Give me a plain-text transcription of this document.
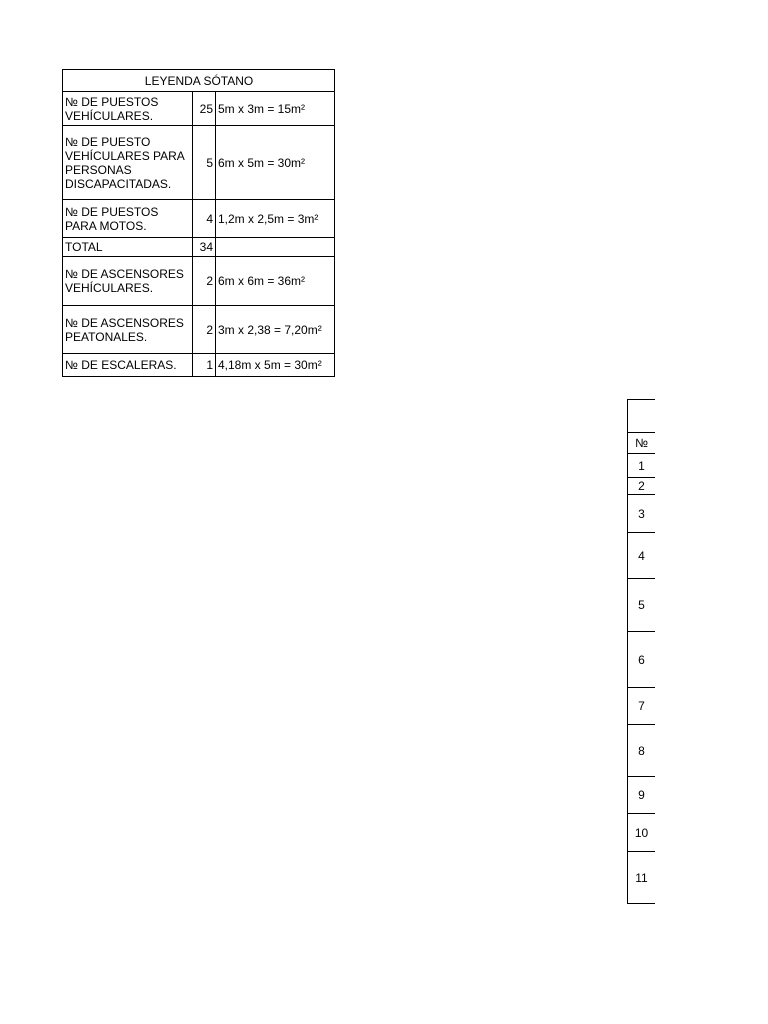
LEYENDA SÓTANO		
№ DE PUESTOS VEHÍCULARES.	25	5m x 3m = 15m²
№ DE PUESTO VEHÍCULARES PARA PERSONAS DISCAPACITADAS.	5	6m x 5m = 30m²
№ DE PUESTOS PARA MOTOS.	4	1,2m x 2,5m = 3m²
TOTAL	34	
№ DE ASCENSORES VEHÍCULARES.	2	6m x 6m = 36m²
№ DE ASCENSORES PEATONALES.	2	3m x 2,38 = 7,20m²
№ DE ESCALERAS.	1	4,18m x 5m = 30m²

№
1
2
3
4
5
6
7
8
9
10
11
